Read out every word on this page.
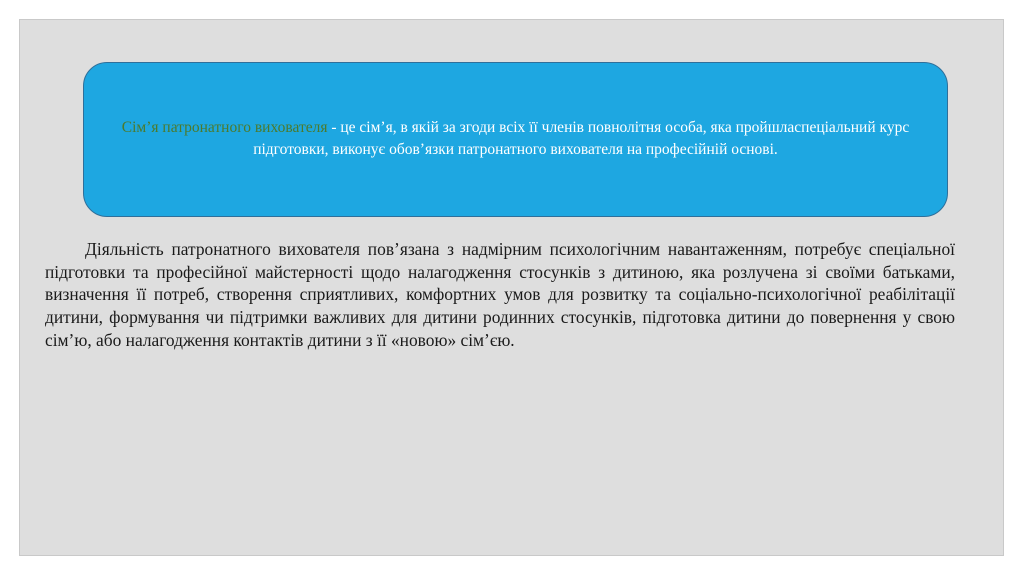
Сім’я патронатного вихователя - це сім’я, в якій за згоди всіх її членів повнолітня особа, яка пройшласпеціальний курс підготовки, виконує обов’язки патронатного вихователя на професійній основі.

Діяльність патронатного вихователя пов’язана з надмірним психологічним навантаженням, потребує спеціальної підготовки та професійної майстерності щодо налагодження стосунків з дитиною, яка розлучена зі своїми батьками, визначення її потреб, створення сприятливих, комфортних умов для розвитку та соціально-психологічної реабілітації дитини, формування чи підтримки важливих для дитини родинних стосунків, підготовка дитини до повернення у свою сім’ю, або налагодження контактів дитини з її «новою» сім’єю.
